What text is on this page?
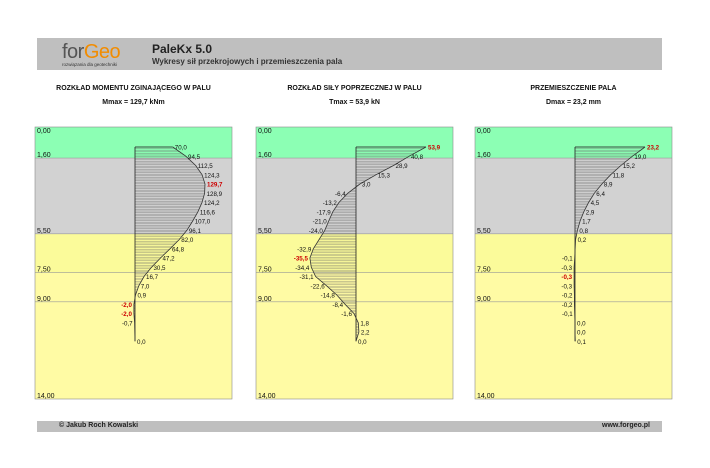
forGeo
rozwiązania dla geotechniki
PaleKx 5.0
Wykresy sił przekrojowych i przemieszczenia pala
ROZKŁAD MOMENTU ZGINAJĄCEGO W PALU
Mmax = 129,7 kNm
ROZKŁAD SIŁY POPRZECZNEJ W PALU
Tmax = 53,9 kN
PRZEMIESZCZENIE PALA
Dmax = 23,2 mm
0,00
1,60
5,50
7,50
9,00
14,00
70,0
94,5
112,5
124,3
129,7
128,9
124,2
116,6
107,0
96,1
82,0
64,8
47,2
30,5
16,7
7,0
0,9
-2,0
-2,0
-0,7
0,0
0,00
1,60
5,50
7,50
9,00
14,00
53,9
40,8
28,9
15,3
3,0
-6,4
-13,2
-17,9
-21,0
-24,0
-32,9
-35,5
-34,4
-31,1
-22,6
-14,8
-8,4
-1,6
1,8
2,2
0,0
0,00
1,60
5,50
7,50
9,00
14,00
23,2
19,0
15,2
11,8
8,9
6,4
4,5
2,9
1,7
0,8
0,2
-0,1
-0,3
-0,3
-0,3
-0,2
-0,2
-0,1
0,0
0,0
0,1
© Jakub Roch Kowalski	www.forgeo.pl
